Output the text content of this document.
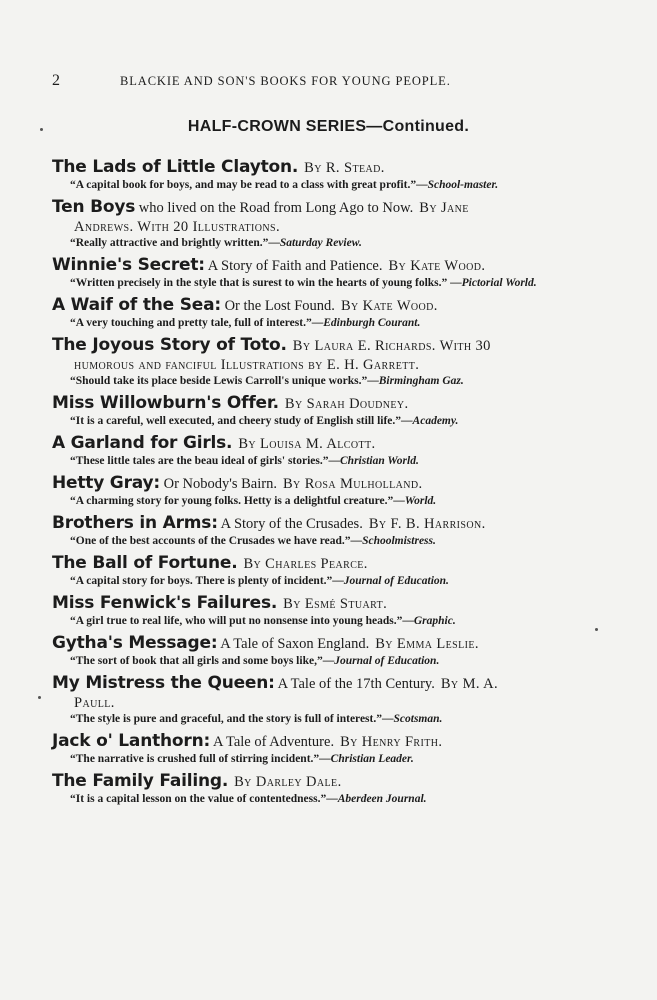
2	BLACKIE AND SON'S BOOKS FOR YOUNG PEOPLE.
HALF-CROWN SERIES—Continued.
The Lads of Little Clayton. By R. Stead.
“A capital book for boys, and may be read to a class with great profit.”—School-master.
Ten Boys who lived on the Road from Long Ago to Now. By Jane
Andrews. With 20 Illustrations.
“Really attractive and brightly written.”—Saturday Review.
Winnie's Secret: A Story of Faith and Patience. By Kate Wood.
“Written precisely in the style that is surest to win the hearts of young folks.” —Pictorial World.
A Waif of the Sea: Or the Lost Found. By Kate Wood.
“A very touching and pretty tale, full of interest.”—Edinburgh Courant.
The Joyous Story of Toto. By Laura E. Richards. With 30
humorous and fanciful Illustrations by E. H. Garrett.
“Should take its place beside Lewis Carroll's unique works.”—Birmingham Gaz.
Miss Willowburn's Offer. By Sarah Doudney.
“It is a careful, well executed, and cheery study of English still life.”—Academy.
A Garland for Girls. By Louisa M. Alcott.
“These little tales are the beau ideal of girls' stories.”—Christian World.
Hetty Gray: Or Nobody's Bairn. By Rosa Mulholland.
“A charming story for young folks. Hetty is a delightful creature.”—World.
Brothers in Arms: A Story of the Crusades. By F. B. Harrison.
“One of the best accounts of the Crusades we have read.”—Schoolmistress.
The Ball of Fortune. By Charles Pearce.
“A capital story for boys. There is plenty of incident.”—Journal of Education.
Miss Fenwick's Failures. By Esmé Stuart.
“A girl true to real life, who will put no nonsense into young heads.”—Graphic.
Gytha's Message: A Tale of Saxon England. By Emma Leslie.
“The sort of book that all girls and some boys like,”—Journal of Education.
My Mistress the Queen: A Tale of the 17th Century. By M. A.
Paull.
“The style is pure and graceful, and the story is full of interest.”—Scotsman.
Jack o' Lanthorn: A Tale of Adventure. By Henry Frith.
“The narrative is crushed full of stirring incident.”—Christian Leader.
The Family Failing. By Darley Dale.
“It is a capital lesson on the value of contentedness.”—Aberdeen Journal.
